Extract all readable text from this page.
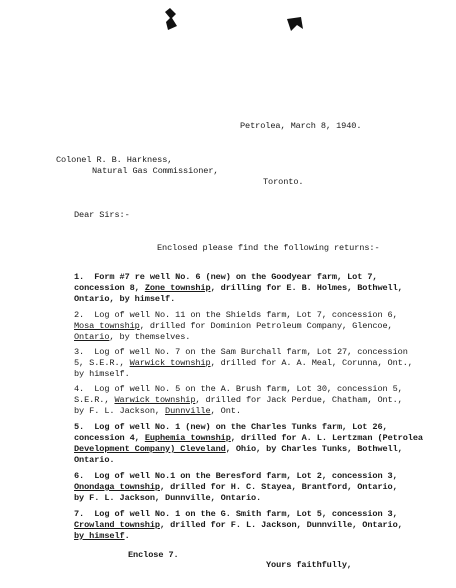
Petrolea, March 8, 1940.
Colonel R. B. Harkness,
Natural Gas Commissioner,
Toronto.
Dear Sirs:-
Enclosed please find the following returns:-
1. Form #7 re well No. 6 (new) on the Goodyear farm, Lot 7,
concession 8, Zone township, drilling for E. B. Holmes, Bothwell,
Ontario, by himself.
2. Log of well No. 11 on the Shields farm, Lot 7, concession 6,
Mosa township, drilled for Dominion Petroleum Company, Glencoe,
Ontario, by themselves.
3. Log of well No. 7 on the Sam Burchall farm, Lot 27, concession
5, S.E.R., Warwick township, drilled for A. A. Meal, Corunna, Ont.,
by himself.
4. Log of well No. 5 on the A. Brush farm, Lot 30, concession 5,
S.E.R., Warwick township, drilled for Jack Perdue, Chatham, Ont.,
by F. L. Jackson, Dunnville, Ont.
5. Log of well No. 1 (new) on the Charles Tunks farm, Lot 26,
concession 4, Euphemia township, drilled for A. L. Lertzman (Petrolea
Development Company) Cleveland, Ohio, by Charles Tunks, Bothwell,
Ontario.
6. Log of well No.1 on the Beresford farm, Lot 2, concession 3,
Onondaga township, drilled for H. C. Stayea, Brantford, Ontario,
by F. L. Jackson, Dunnville, Ontario.
7. Log of well No. 1 on the G. Smith farm, Lot 5, concession 3,
Crowland township, drilled for F. L. Jackson, Dunnville, Ontario,
by himself.
Enclose 7.
Yours faithfully,
